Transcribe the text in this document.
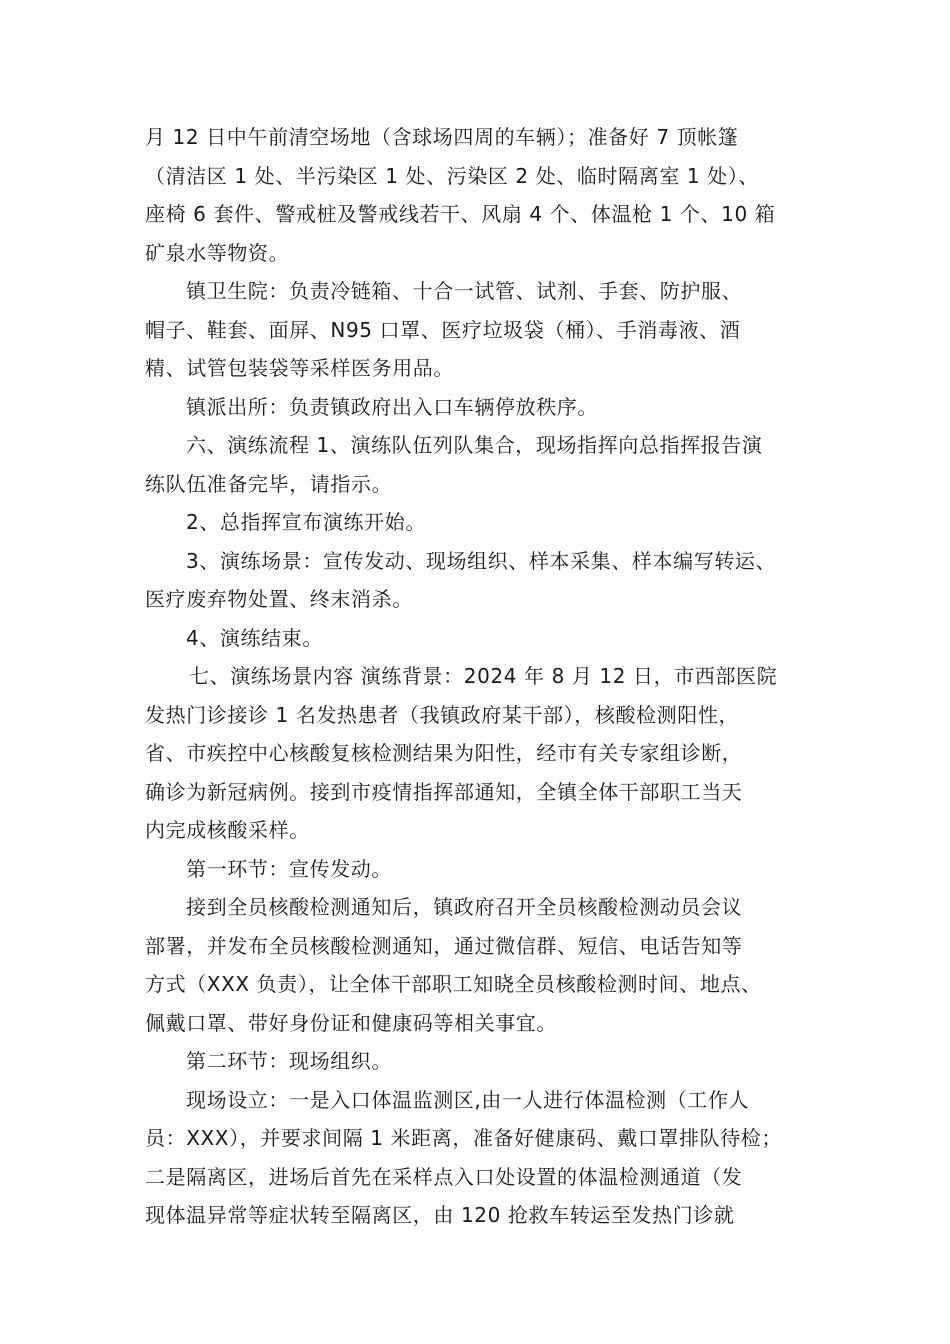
月 12 日中午前清空场地（含球场四周的车辆）；准备好 7 顶帐篷
（清洁区 1 处、半污染区 1 处、污染区 2 处、临时隔离室 1 处）、
座椅 6 套件、警戒桩及警戒线若干、风扇 4 个、体温枪 1 个、10 箱
矿泉水等物资。
镇卫生院：负责冷链箱、十合一试管、试剂、手套、防护服、
帽子、鞋套、面屏、N95 口罩、医疗垃圾袋（桶）、手消毒液、酒
精、试管包装袋等采样医务用品。
镇派出所：负责镇政府出入口车辆停放秩序。
六、演练流程 1、演练队伍列队集合，现场指挥向总指挥报告演
练队伍准备完毕，请指示。
2、总指挥宣布演练开始。
3、演练场景：宣传发动、现场组织、样本采集、样本编写转运、
医疗废弃物处置、终末消杀。
4、演练结束。
七、演练场景内容 演练背景：2024 年 8 月 12 日，市西部医院
发热门诊接诊 1 名发热患者（我镇政府某干部），核酸检测阳性，
省、市疾控中心核酸复核检测结果为阳性，经市有关专家组诊断，
确诊为新冠病例。接到市疫情指挥部通知，全镇全体干部职工当天
内完成核酸采样。
第一环节：宣传发动。
接到全员核酸检测通知后，镇政府召开全员核酸检测动员会议
部署，并发布全员核酸检测通知，通过微信群、短信、电话告知等
方式（XXX 负责），让全体干部职工知晓全员核酸检测时间、地点、
佩戴口罩、带好身份证和健康码等相关事宜。
第二环节：现场组织。
现场设立：一是入口体温监测区,由一人进行体温检测（工作人
员：XXX），并要求间隔 1 米距离，准备好健康码、戴口罩排队待检；
二是隔离区，进场后首先在采样点入口处设置的体温检测通道（发
现体温异常等症状转至隔离区，由 120 抢救车转运至发热门诊就
